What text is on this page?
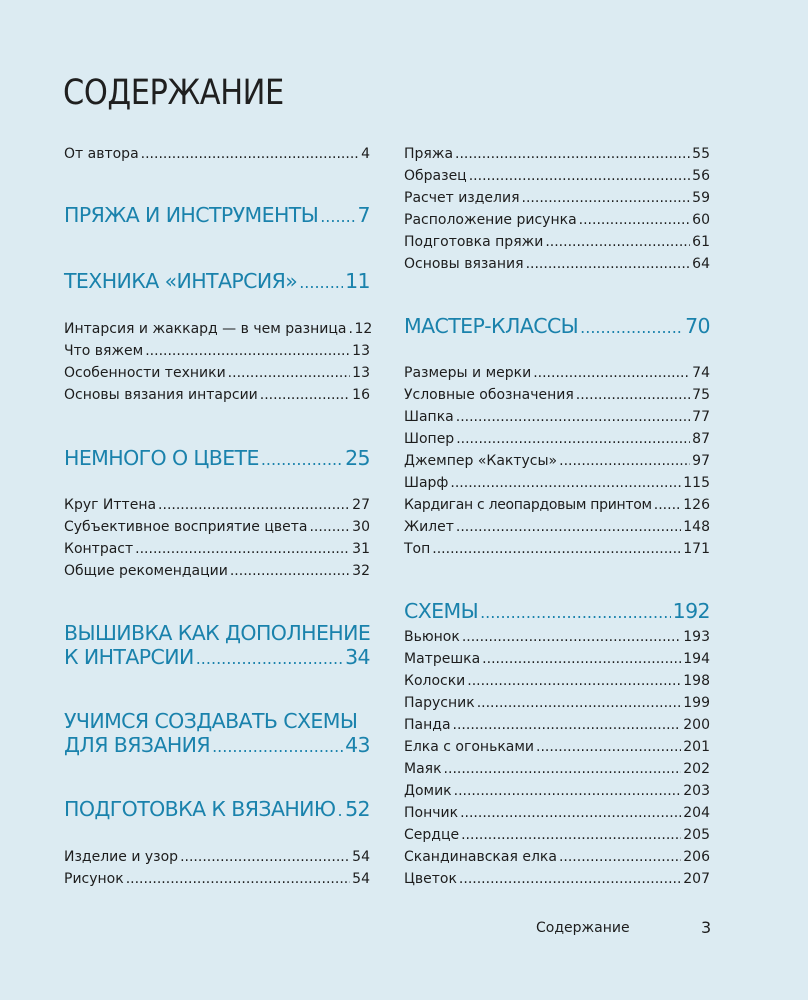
СОДЕРЖАНИЕ
От автора .....	4
ПРЯЖА И ИНСТРУМЕНТЫ ..... 7
ТЕХНИКА «ИНТАРСИЯ» ..... 11
Интарсия и жаккард — в чем разница ..... 12
Что вяжем .....	13
Особенности техники .....	13
Основы вязания интарсии .....	16
НЕМНОГО О ЦВЕТЕ .....	25
Круг Иттена .....	27
Субъективное восприятие цвета .....	30
Контраст .....	31
Общие рекомендации .....	32
ВЫШИВКА КАК ДОПОЛНЕНИЕ
К ИНТАРСИИ .....	34
УЧИМСЯ СОЗДАВАТЬ СХЕМЫ
ДЛЯ ВЯЗАНИЯ .....	43
ПОДГОТОВКА К ВЯЗАНИЮ ..... 52
Изделие и узор .....	54
Рисунок .....	54
Пряжа .....	55
Образец .....	56
Расчет изделия .....	59
Расположение рисунка .....	60
Подготовка пряжи .....	61
Основы вязания .....	64
МАСТЕР-КЛАССЫ .....	70
Размеры и мерки .....	74
Условные обозначения .....	75
Шапка .....	77
Шопер .....	87
Джемпер «Кактусы» .....	97
Шарф .....	115
Кардиган с леопардовым принтом ..... 126
Жилет .....	148
Топ .....	171
СХЕМЫ .....	192
Вьюнок .....	193
Матрешка .....	194
Колоски .....	198
Парусник .....	199
Панда .....	200
Елка с огоньками .....	201
Маяк .....	202
Домик .....	203
Пончик .....	204
Сердце .....	205
Скандинавская елка .....	206
Цветок .....	207
Содержание	3
